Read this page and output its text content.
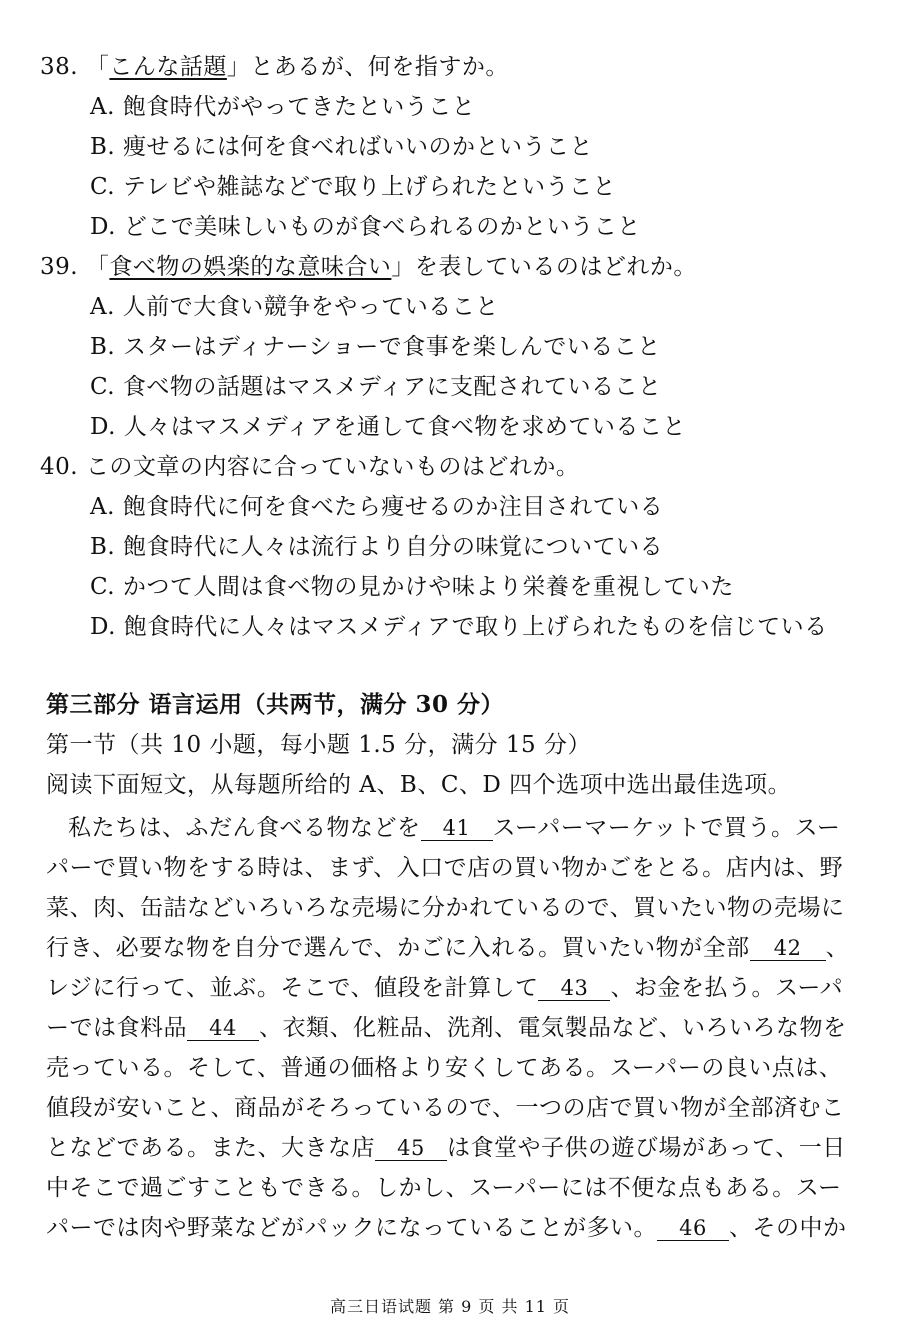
38. 「こんな話題」とあるが、何を指すか。
A. 飽食時代がやってきたということ
B. 痩せるには何を食べればいいのかということ
C. テレビや雑誌などで取り上げられたということ
D. どこで美味しいものが食べられるのかということ
39. 「食べ物の娯楽的な意味合い」を表しているのはどれか。
A. 人前で大食い競争をやっていること
B. スターはディナーショーで食事を楽しんでいること
C. 食べ物の話題はマスメディアに支配されていること
D. 人々はマスメディアを通して食べ物を求めていること
40. この文章の内容に合っていないものはどれか。
A. 飽食時代に何を食べたら痩せるのか注目されている
B. 飽食時代に人々は流行より自分の味覚についている
C. かつて人間は食べ物の見かけや味より栄養を重視していた
D. 飽食時代に人々はマスメディアで取り上げられたものを信じている
第三部分 语言运用（共两节，满分 30 分）
第一节（共 10 小题，每小题 1.5 分，满分 15 分）
阅读下面短文，从每题所给的 A、B、C、D 四个选项中选出最佳选项。
私たちは、ふだん食べる物などを 41 スーパーマーケットで買う。スー
パーで買い物をする時は、まず、入口で店の買い物かごをとる。店内は、野
菜、肉、缶詰などいろいろな売場に分かれているので、買いたい物の売場に
行き、必要な物を自分で選んで、かごに入れる。買いたい物が全部 42 、
レジに行って、並ぶ。そこで、値段を計算して 43 、お金を払う。スーパ
ーでは食料品 44 、衣類、化粧品、洗剤、電気製品など、いろいろな物を
売っている。そして、普通の価格より安くしてある。スーパーの良い点は、
値段が安いこと、商品がそろっているので、一つの店で買い物が全部済むこ
となどである。また、大きな店 45 は食堂や子供の遊び場があって、一日
中そこで過ごすこともできる。しかし、スーパーには不便な点もある。スー
パーでは肉や野菜などがパックになっていることが多い。 46 、その中か
高三日语试题 第 9 页 共 11 页
